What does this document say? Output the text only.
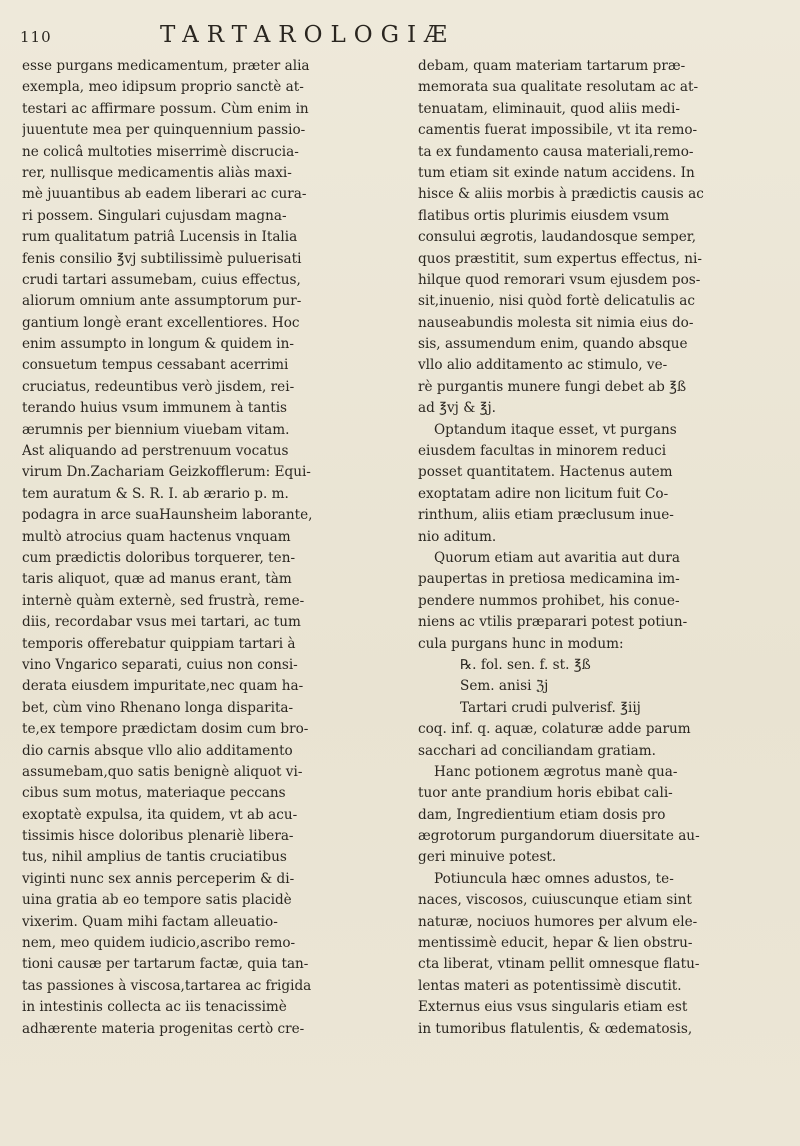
110	TARTAROLOGIÆ
esse purgans medicamentum, præter alia
exempla, meo idipsum proprio sanctè at-
testari ac affirmare possum. Cùm enim in
juuentute mea per quinquennium passio-
ne colicâ multoties miserrimè discrucia-
rer, nullisque medicamentis aliàs maxi-
mè juuantibus ab eadem liberari ac cura-
ri possem. Singulari cujusdam magna-
rum qualitatum patriâ Lucensis in Italia
fenis consilio ℥vj subtilissimè puluerisati
crudi tartari assumebam, cuius effectus,
aliorum omnium ante assumptorum pur-
gantium longè erant excellentiores. Hoc
enim assumpto in longum & quidem in-
consuetum tempus cessabant acerrimi
cruciatus, redeuntibus verò jisdem, rei-
terando huius vsum immunem à tantis
ærumnis per biennium viuebam vitam.
Ast aliquando ad perstrenuum vocatus
virum Dn.Zachariam Geizkofflerum: Equi-
tem auratum & S. R. I. ab ærario p. m.
podagra in arce suaHaunsheim laborante,
multò atrocius quam hactenus vnquam
cum prædictis doloribus torquerer, ten-
taris aliquot, quæ ad manus erant, tàm
internè quàm externè, sed frustrà, reme-
diis, recordabar vsus mei tartari, ac tum
temporis offerebatur quippiam tartari à
vino Vngarico separati, cuius non consi-
derata eiusdem impuritate,nec quam ha-
bet, cùm vino Rhenano longa disparita-
te,ex tempore prædictam dosim cum bro-
dio carnis absque vllo alio additamento
assumebam,quo satis benignè aliquot vi-
cibus sum motus, materiaque peccans
exoptatè expulsa, ita quidem, vt ab acu-
tissimis hisce doloribus plenariè libera-
tus, nihil amplius de tantis cruciatibus
viginti nunc sex annis perceperim & di-
uina gratia ab eo tempore satis placidè
vixerim. Quam mihi factam alleuatio-
nem, meo quidem iudicio,ascribo remo-
tioni causæ per tartarum factæ, quia tan-
tas passiones à viscosa,tartarea ac frigida
in intestinis collecta ac iis tenacissimè
adhærente materia progenitas certò cre-
debam, quam materiam tartarum præ-
memorata sua qualitate resolutam ac at-
tenuatam, eliminauit, quod aliis medi-
camentis fuerat impossibile, vt ita remo-
ta ex fundamento causa materiali,remo-
tum etiam sit exinde natum accidens. In
hisce & aliis morbis à prædictis causis ac
flatibus ortis plurimis eiusdem vsum
consului ægrotis, laudandosque semper,
quos præstitit, sum expertus effectus, ni-
hilque quod remorari vsum ejusdem pos-
sit,inuenio, nisi quòd fortè delicatulis ac
nauseabundis molesta sit nimia eius do-
sis, assumendum enim, quando absque
vllo alio additamento ac stimulo, ve-
rè purgantis munere fungi debet ab ℥ß
ad ℥vj & ℥j.
Optandum itaque esset, vt purgans
eiusdem facultas in minorem reduci
posset quantitatem. Hactenus autem
exoptatam adire non licitum fuit Co-
rinthum, aliis etiam præclusum inue-
nio aditum.
Quorum etiam aut avaritia aut dura
paupertas in pretiosa medicamina im-
pendere nummos prohibet, his conue-
niens ac vtilis præparari potest potiun-
cula purgans hunc in modum:
℞. fol. sen. f. st. ℥ß
Sem. anisi ℨj
Tartari crudi pulverisf. ℥iij
coq. inf. q. aquæ, colaturæ adde parum
sacchari ad conciliandam gratiam.
Hanc potionem ægrotus manè qua-
tuor ante prandium horis ebibat cali-
dam, Ingredientium etiam dosis pro
ægrotorum purgandorum diuersitate au-
geri minuive potest.
Potiuncula hæc omnes adustos, te-
naces, viscosos, cuiuscunque etiam sint
naturæ, nociuos humores per alvum ele-
mentissimè educit, hepar & lien obstru-
cta liberat, vtinam pellit omnesque flatu-
lentas materi as potentissimè discutit.
Externus eius vsus singularis etiam est
in tumoribus flatulentis, & œdematosis,
